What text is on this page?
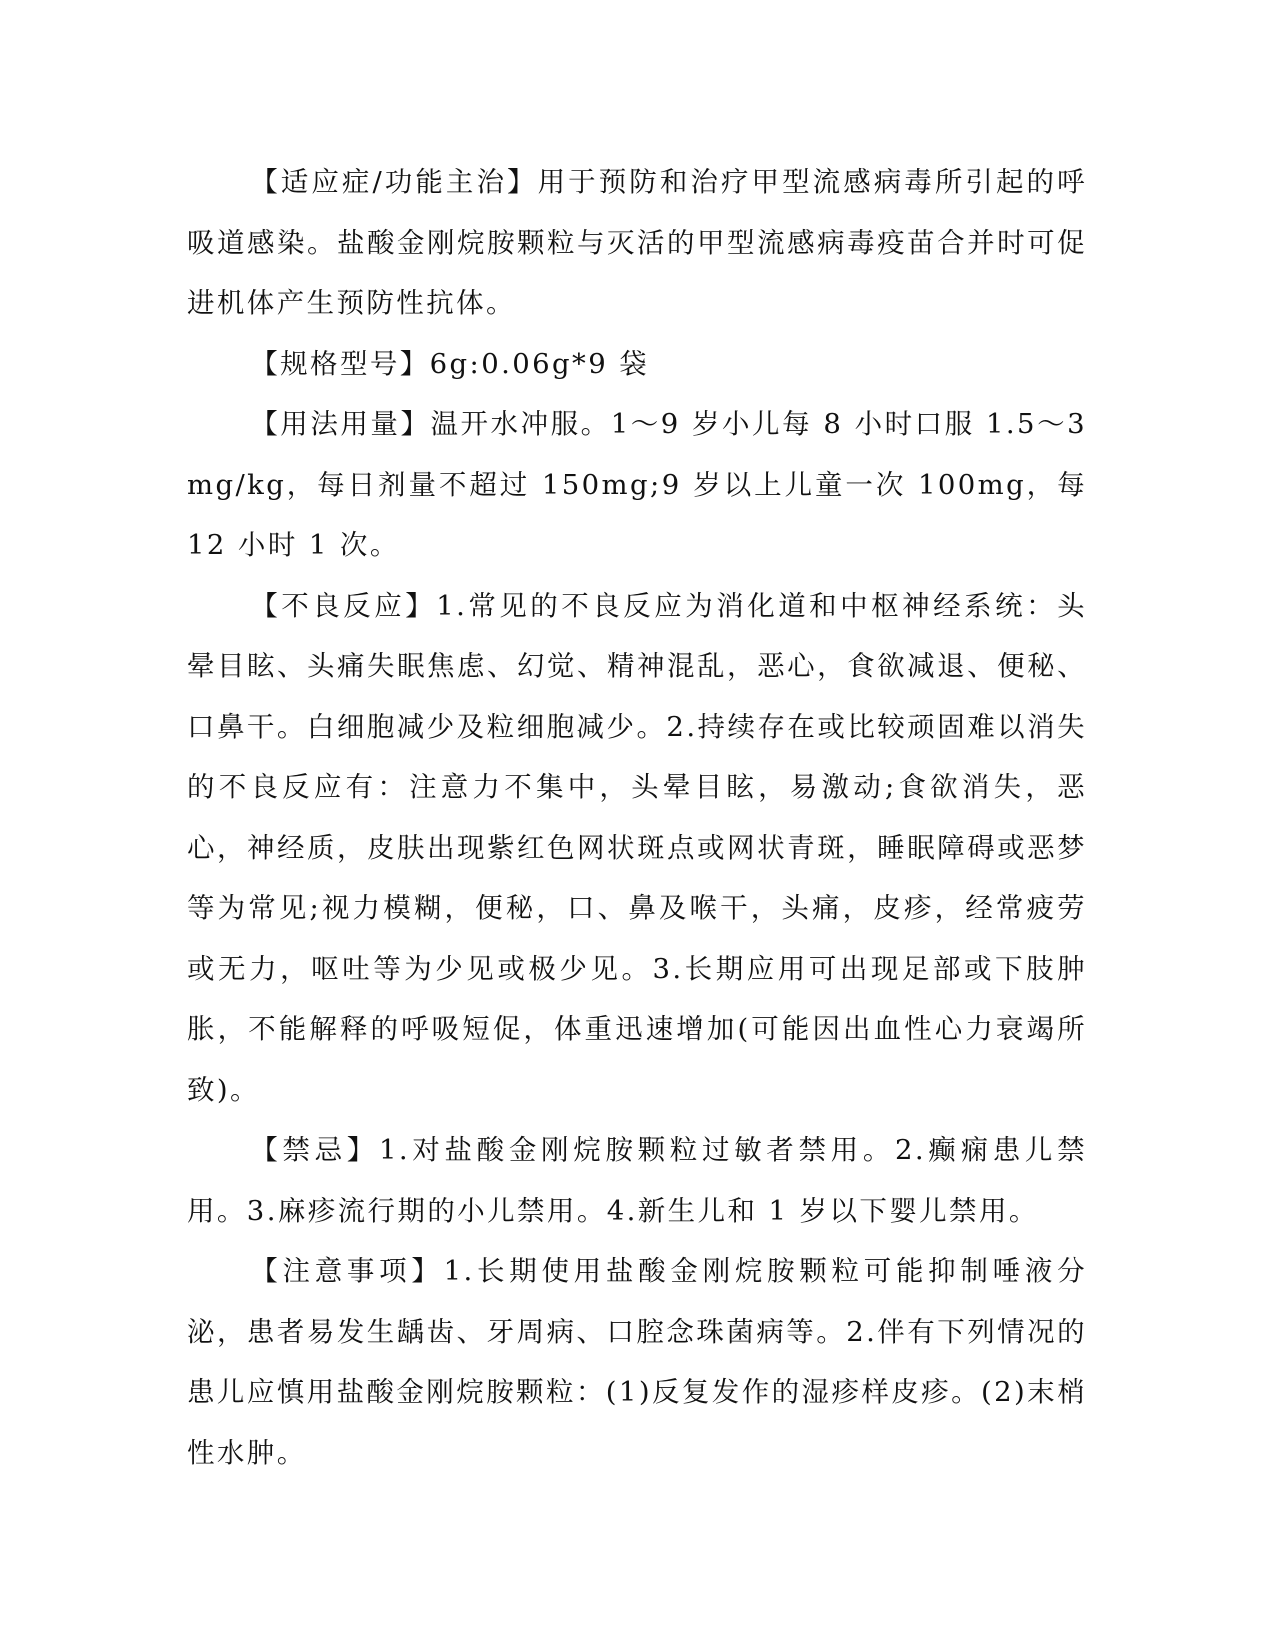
【适应症/功能主治】用于预防和治疗甲型流感病毒所引起的呼吸道感染。盐酸金刚烷胺颗粒与灭活的甲型流感病毒疫苗合并时可促进机体产生预防性抗体。

【规格型号】6g:0.06g*9 袋

【用法用量】温开水冲服。1～9 岁小儿每 8 小时口服 1.5～3mg/kg，每日剂量不超过 150mg;9 岁以上儿童一次 100mg，每 12 小时 1 次。

【不良反应】1.常见的不良反应为消化道和中枢神经系统：头晕目眩、头痛失眠焦虑、幻觉、精神混乱，恶心，食欲减退、便秘、口鼻干。白细胞减少及粒细胞减少。2.持续存在或比较顽固难以消失的不良反应有：注意力不集中，头晕目眩，易激动;食欲消失，恶心，神经质，皮肤出现紫红色网状斑点或网状青斑，睡眠障碍或恶梦等为常见;视力模糊，便秘，口、鼻及喉干，头痛，皮疹，经常疲劳或无力，呕吐等为少见或极少见。3.长期应用可出现足部或下肢肿胀，不能解释的呼吸短促，体重迅速增加(可能因出血性心力衰竭所致)。

【禁忌】1.对盐酸金刚烷胺颗粒过敏者禁用。2.癫痫患儿禁用。3.麻疹流行期的小儿禁用。4.新生儿和 1 岁以下婴儿禁用。

【注意事项】1.长期使用盐酸金刚烷胺颗粒可能抑制唾液分泌，患者易发生龋齿、牙周病、口腔念珠菌病等。2.伴有下列情况的患儿应慎用盐酸金刚烷胺颗粒：(1)反复发作的湿疹样皮疹。(2)末梢性水肿。
